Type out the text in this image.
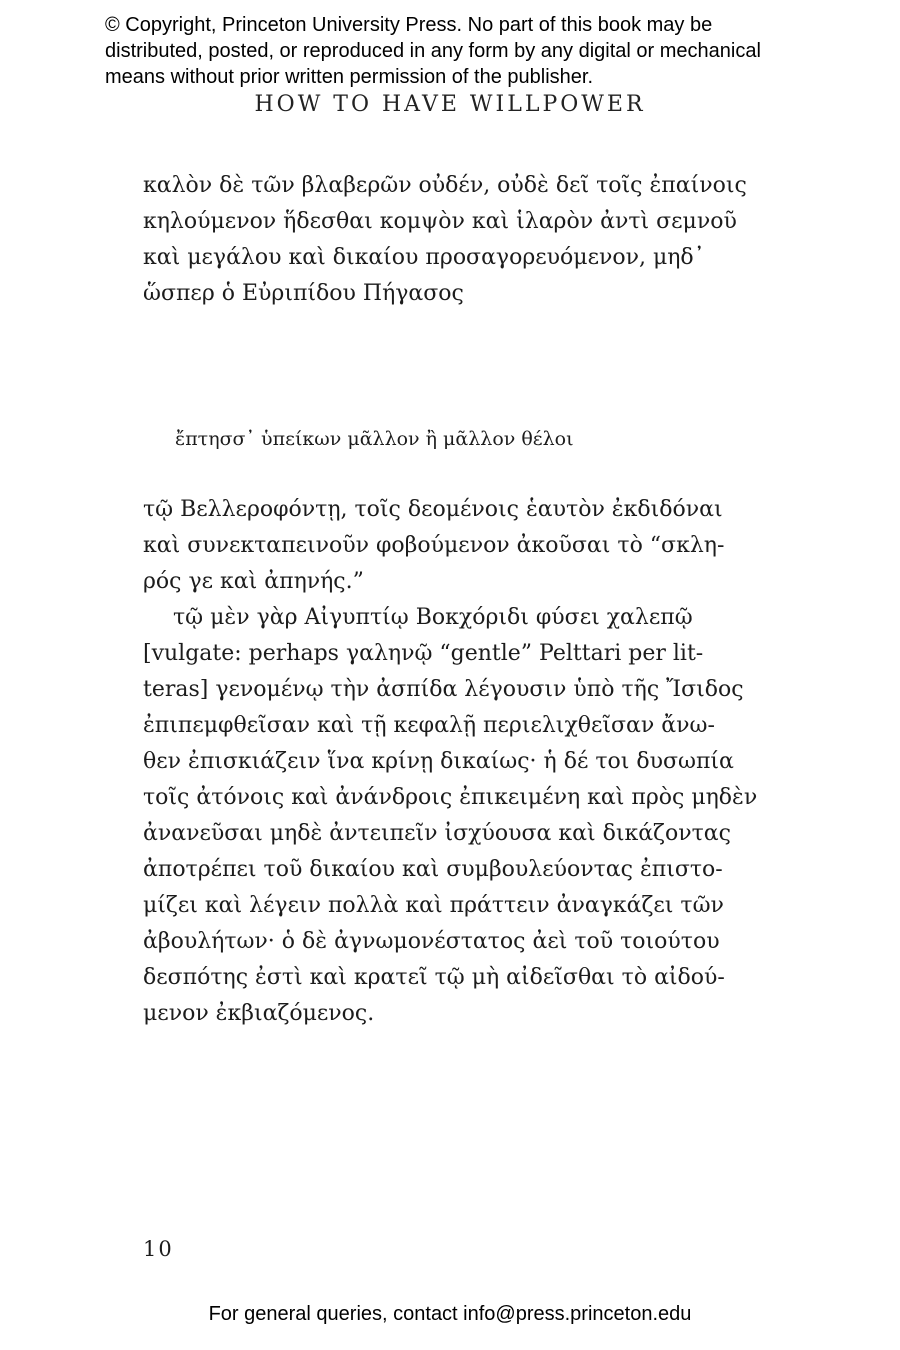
© Copyright, Princeton University Press. No part of this book may be
distributed, posted, or reproduced in any form by any digital or mechanical
means without prior written permission of the publisher.
HOW TO HAVE WILLPOWER
καλὸν δὲ τῶν βλαβερῶν οὐδέν, οὐδὲ δεῖ τοῖς ἐπαίνοις
κηλούμενον ἥδεσθαι κομψὸν καὶ ἱλαρὸν ἀντὶ σεμνοῦ
καὶ μεγάλου καὶ δικαίου προσαγορευόμενον, μηδ᾽
ὥσπερ ὁ Εὐριπίδου Πήγασος
ἔπτησσ᾽ ὑπείκων μᾶλλον ἢ μᾶλλον θέλοι
τῷ Βελλεροφόντῃ, τοῖς δεομένοις ἑαυτὸν ἐκδιδόναι
καὶ συνεκταπεινοῦν φοβούμενον ἀκοῦσαι τὸ “σκλη-
ρός γε καὶ ἀπηνής.”
τῷ μὲν γὰρ Αἰγυπτίῳ Βοκχόριδι φύσει χαλεπῷ
[vulgate: perhaps γαληνῷ “gentle” Pelttari per lit-
teras] γενομένῳ τὴν ἀσπίδα λέγουσιν ὑπὸ τῆς Ἴσιδος
ἐπιπεμφθεῖσαν καὶ τῇ κεφαλῇ περιελιχθεῖσαν ἄνω-
θεν ἐπισκιάζειν ἵνα κρίνῃ δικαίως· ἡ δέ τοι δυσωπία
τοῖς ἀτόνοις καὶ ἀνάνδροις ἐπικειμένη καὶ πρὸς μηδὲν
ἀνανεῦσαι μηδὲ ἀντειπεῖν ἰσχύουσα καὶ δικάζοντας
ἀποτρέπει τοῦ δικαίου καὶ συμβουλεύοντας ἐπιστο-
μίζει καὶ λέγειν πολλὰ καὶ πράττειν ἀναγκάζει τῶν
ἀβουλήτων· ὁ δὲ ἀγνωμονέστατος ἀεὶ τοῦ τοιούτου
δεσπότης ἐστὶ καὶ κρατεῖ τῷ μὴ αἰδεῖσθαι τὸ αἰδού-
μενον ἐκβιαζόμενος.
10
For general queries, contact info@press.princeton.edu
